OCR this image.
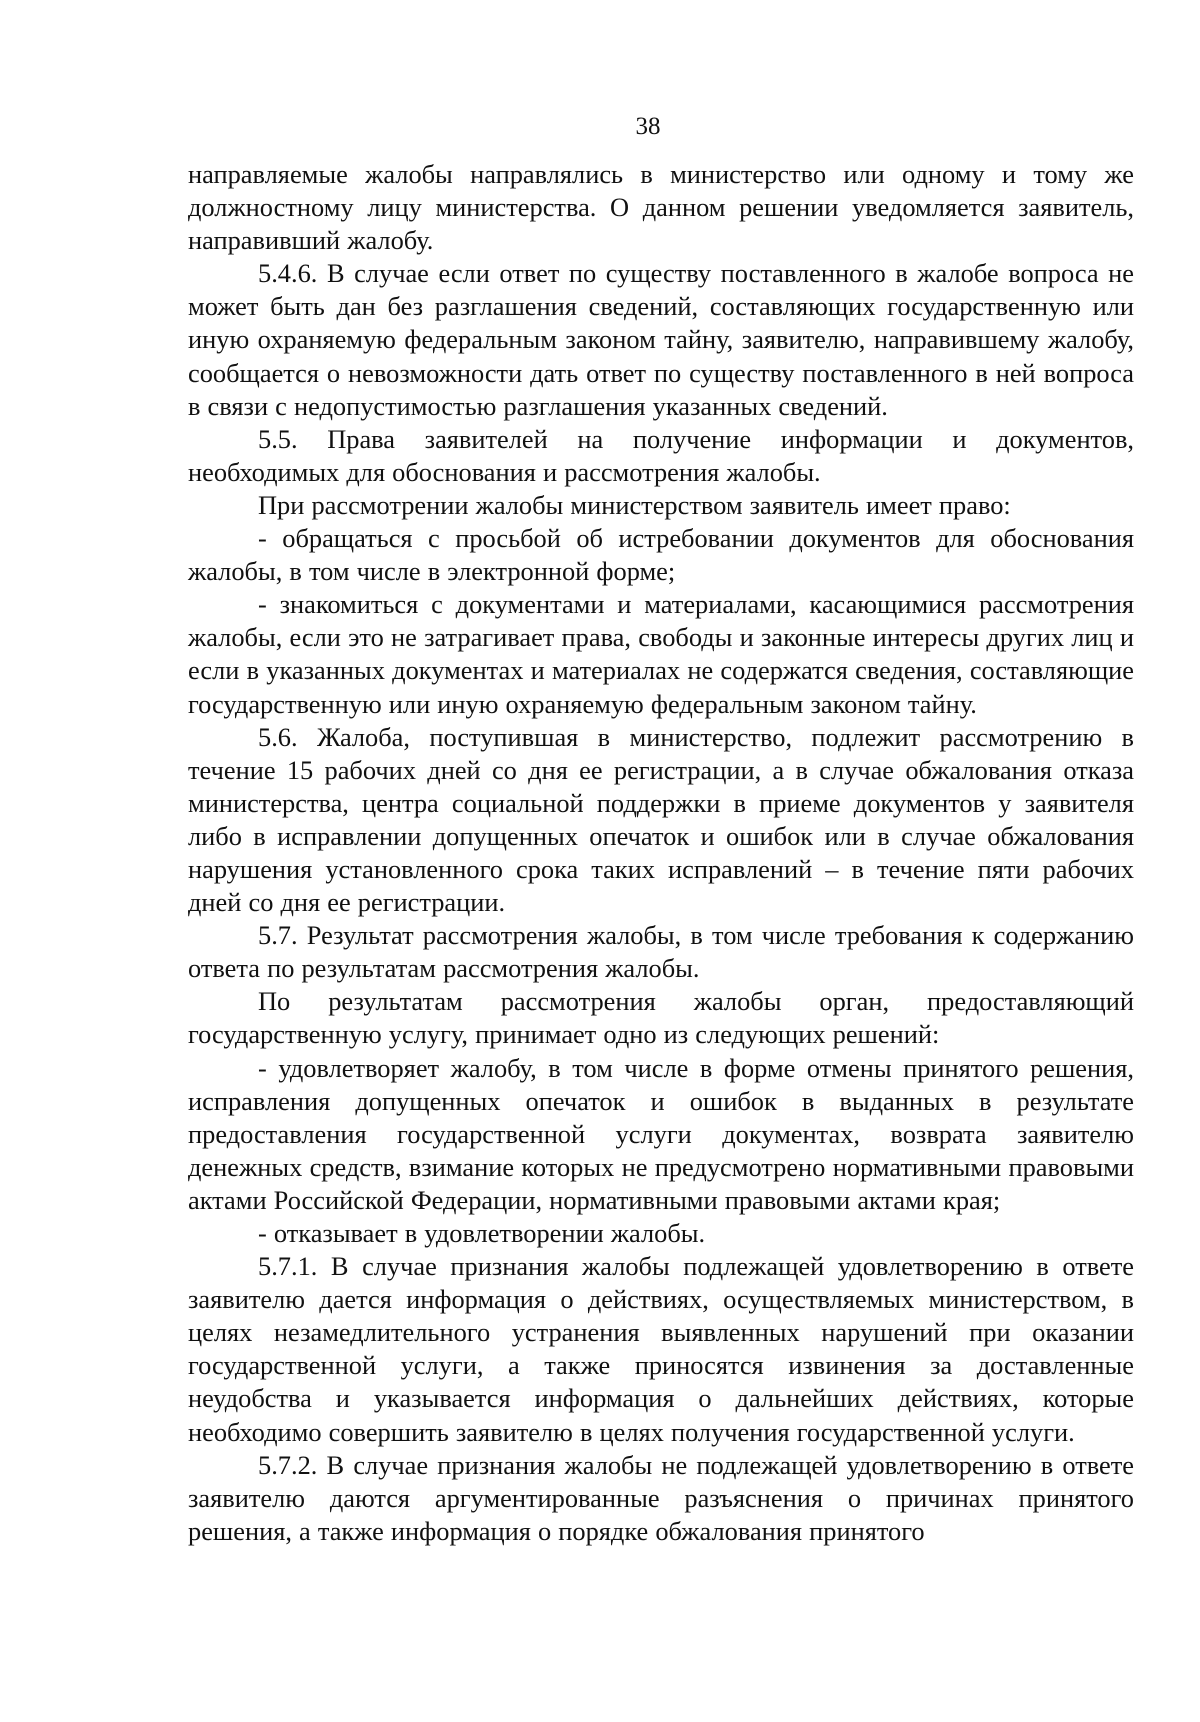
38

направляемые жалобы направлялись в министерство или одному и тому же должностному лицу министерства. О данном решении уведомляется заявитель, направивший жалобу.

5.4.6. В случае если ответ по существу поставленного в жалобе вопроса не может быть дан без разглашения сведений, составляющих государственную или иную охраняемую федеральным законом тайну, заявителю, направившему жалобу, сообщается о невозможности дать ответ по существу поставленного в ней вопроса в связи с недопустимостью разглашения указанных сведений.

5.5. Права заявителей на получение информации и документов, необходимых для обоснования и рассмотрения жалобы.

При рассмотрении жалобы министерством заявитель имеет право:

- обращаться с просьбой об истребовании документов для обоснования жалобы, в том числе в электронной форме;

- знакомиться с документами и материалами, касающимися рассмотрения жалобы, если это не затрагивает права, свободы и законные интересы других лиц и если в указанных документах и материалах не содержатся сведения, составляющие государственную или иную охраняемую федеральным законом тайну.

5.6. Жалоба, поступившая в министерство, подлежит рассмотрению в течение 15 рабочих дней со дня ее регистрации, а в случае обжалования отказа министерства, центра социальной поддержки в приеме документов у заявителя либо в исправлении допущенных опечаток и ошибок или в случае обжалования нарушения установленного срока таких исправлений – в течение пяти рабочих дней со дня ее регистрации.

5.7. Результат рассмотрения жалобы, в том числе требования к содержанию ответа по результатам рассмотрения жалобы.

По результатам рассмотрения жалобы орган, предоставляющий государственную услугу, принимает одно из следующих решений:

- удовлетворяет жалобу, в том числе в форме отмены принятого решения, исправления допущенных опечаток и ошибок в выданных в результате предоставления государственной услуги документах, возврата заявителю денежных средств, взимание которых не предусмотрено нормативными правовыми актами Российской Федерации, нормативными правовыми актами края;

- отказывает в удовлетворении жалобы.

5.7.1. В случае признания жалобы подлежащей удовлетворению в ответе заявителю дается информация о действиях, осуществляемых министерством, в целях незамедлительного устранения выявленных нарушений при оказании государственной услуги, а также приносятся извинения за доставленные неудобства и указывается информация о дальнейших действиях, которые необходимо совершить заявителю в целях получения государственной услуги.

5.7.2. В случае признания жалобы не подлежащей удовлетворению в ответе заявителю даются аргументированные разъяснения о причинах принятого решения, а также информация о порядке обжалования принятого
